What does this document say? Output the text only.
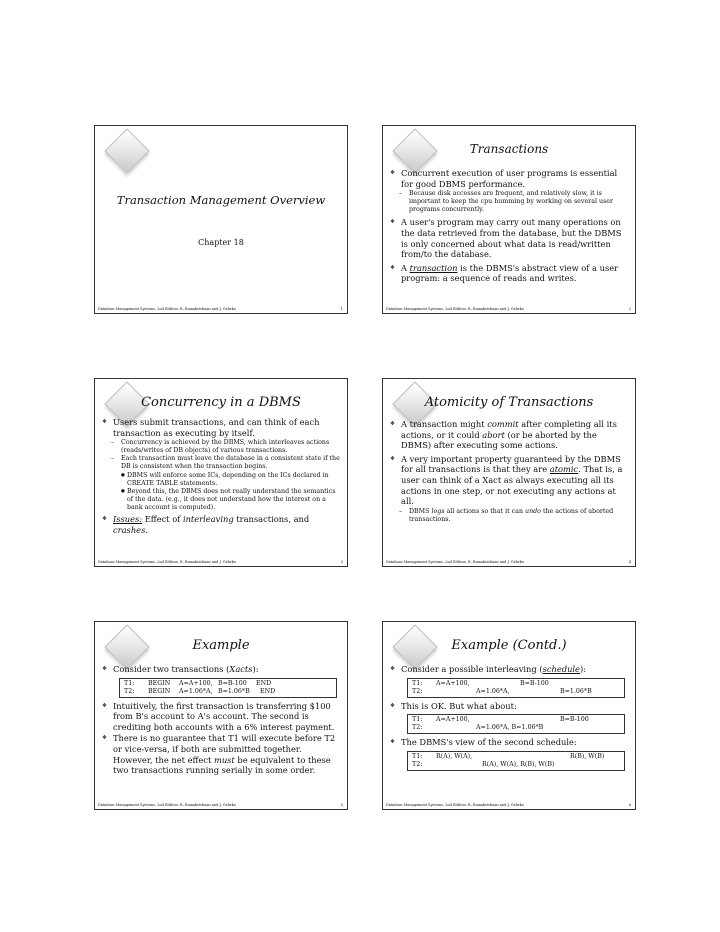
Transaction Management Overview
Chapter 18
Database Management Systems, 2nd Edition. R. Ramakrishnan and J. Gehrke	1
Transactions
❖ Concurrent execution of user programs is essential for good DBMS performance.
– Because disk accesses are frequent, and relatively slow, it is important to keep the cpu humming by working on several user programs concurrently.
❖ A user's program may carry out many operations on the data retrieved from the database, but the DBMS is only concerned about what data is read/written from/to the database.
❖ A transaction is the DBMS's abstract view of a user program: a sequence of reads and writes.
Database Management Systems, 2nd Edition. R. Ramakrishnan and J. Gehrke	2
Concurrency in a DBMS
❖ Users submit transactions, and can think of each transaction as executing by itself.
– Concurrency is achieved by the DBMS, which interleaves actions (reads/writes of DB objects) of various transactions.
– Each transaction must leave the database in a consistent state if the DB is consistent when the transaction begins.
● DBMS will enforce some ICs, depending on the ICs declared in CREATE TABLE statements.
● Beyond this, the DBMS does not really understand the semantics of the data. (e.g., it does not understand how the interest on a bank account is computed).
❖ Issues: Effect of interleaving transactions, and crashes.
Database Management Systems, 2nd Edition. R. Ramakrishnan and J. Gehrke	3
Atomicity of Transactions
❖ A transaction might commit after completing all its actions, or it could abort (or be aborted by the DBMS) after executing some actions.
❖ A very important property guaranteed by the DBMS for all transactions is that they are atomic. That is, a user can think of a Xact as always executing all its actions in one step, or not executing any actions at all.
– DBMS logs all actions so that it can undo the actions of aborted transactions.
Database Management Systems, 2nd Edition. R. Ramakrishnan and J. Gehrke	4
Example
❖ Consider two transactions (Xacts):
T1: BEGIN A=A+100, B=B-100 END
T2: BEGIN A=1.06*A, B=1.06*B END
❖ Intuitively, the first transaction is transferring $100 from B's account to A's account. The second is crediting both accounts with a 6% interest payment.
❖ There is no guarantee that T1 will execute before T2 or vice-versa, if both are submitted together. However, the net effect must be equivalent to these two transactions running serially in some order.
Database Management Systems, 2nd Edition. R. Ramakrishnan and J. Gehrke	5
Example (Contd.)
❖ Consider a possible interleaving (schedule):
T1: A=A+100,	B=B-100
T2:	A=1.06*A,	B=1.06*B
❖ This is OK. But what about:
T1: A=A+100,	B=B-100
T2:	A=1.06*A, B=1.06*B
❖ The DBMS's view of the second schedule:
T1: R(A), W(A),	R(B), W(B)
T2:	R(A), W(A), R(B), W(B)
Database Management Systems, 2nd Edition. R. Ramakrishnan and J. Gehrke	6
